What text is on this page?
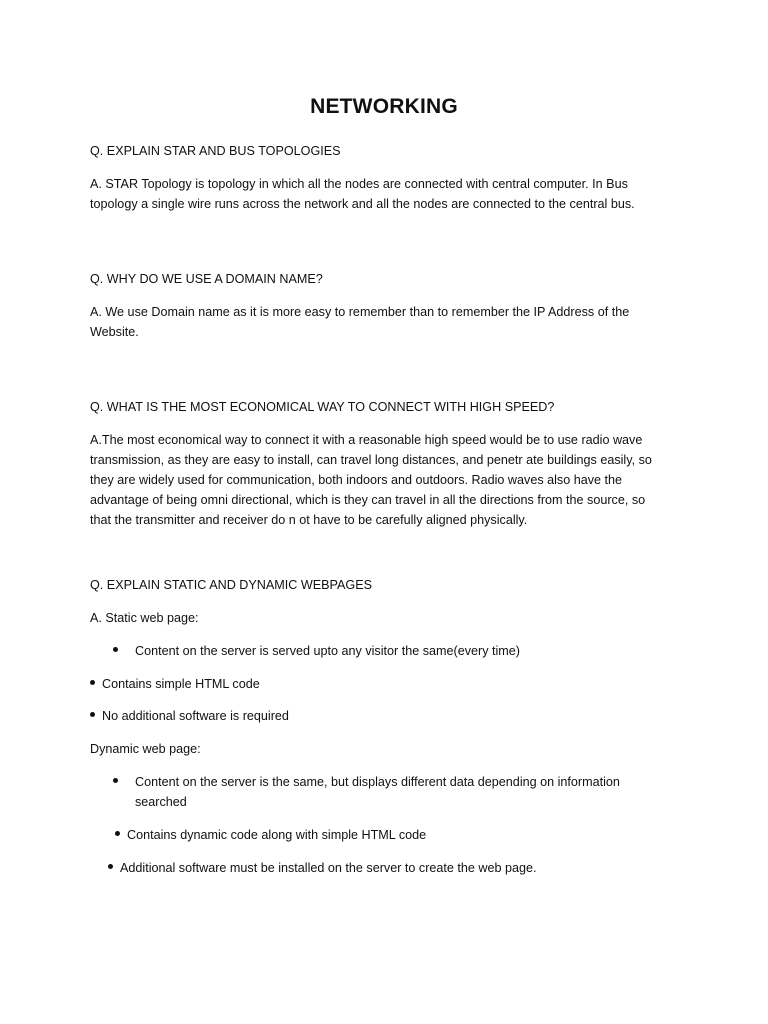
NETWORKING
Q. EXPLAIN STAR AND BUS TOPOLOGIES
A. STAR Topology is topology in which all the nodes are connected with central computer. In Bus
topology a single wire runs across the network and all the nodes are connected to the central bus.
Q. WHY DO WE USE A DOMAIN NAME?
A. We use Domain name as it is more easy to remember than to remember the IP Address of the
Website.
Q. WHAT IS THE MOST ECONOMICAL WAY TO CONNECT WITH HIGH SPEED?
A.The most economical way to connect it with a reasonable high speed would be to use radio wave
transmission, as they are easy to install, can travel long distances, and penetr ate buildings easily, so
they are widely used for communication, both indoors and outdoors. Radio waves also have the
advantage of being omni directional, which is they can travel in all the directions from the source, so
that the transmitter and receiver do n ot have to be carefully aligned physically.
Q. EXPLAIN STATIC AND DYNAMIC WEBPAGES
A. Static web page:
Content on the server is served upto any visitor the same(every time)
Contains simple HTML code
No additional software is required
Dynamic web page:
Content on the server is the same, but displays different data depending on information
searched
Contains dynamic code along with simple HTML code
Additional software must be installed on the server to create the web page.
